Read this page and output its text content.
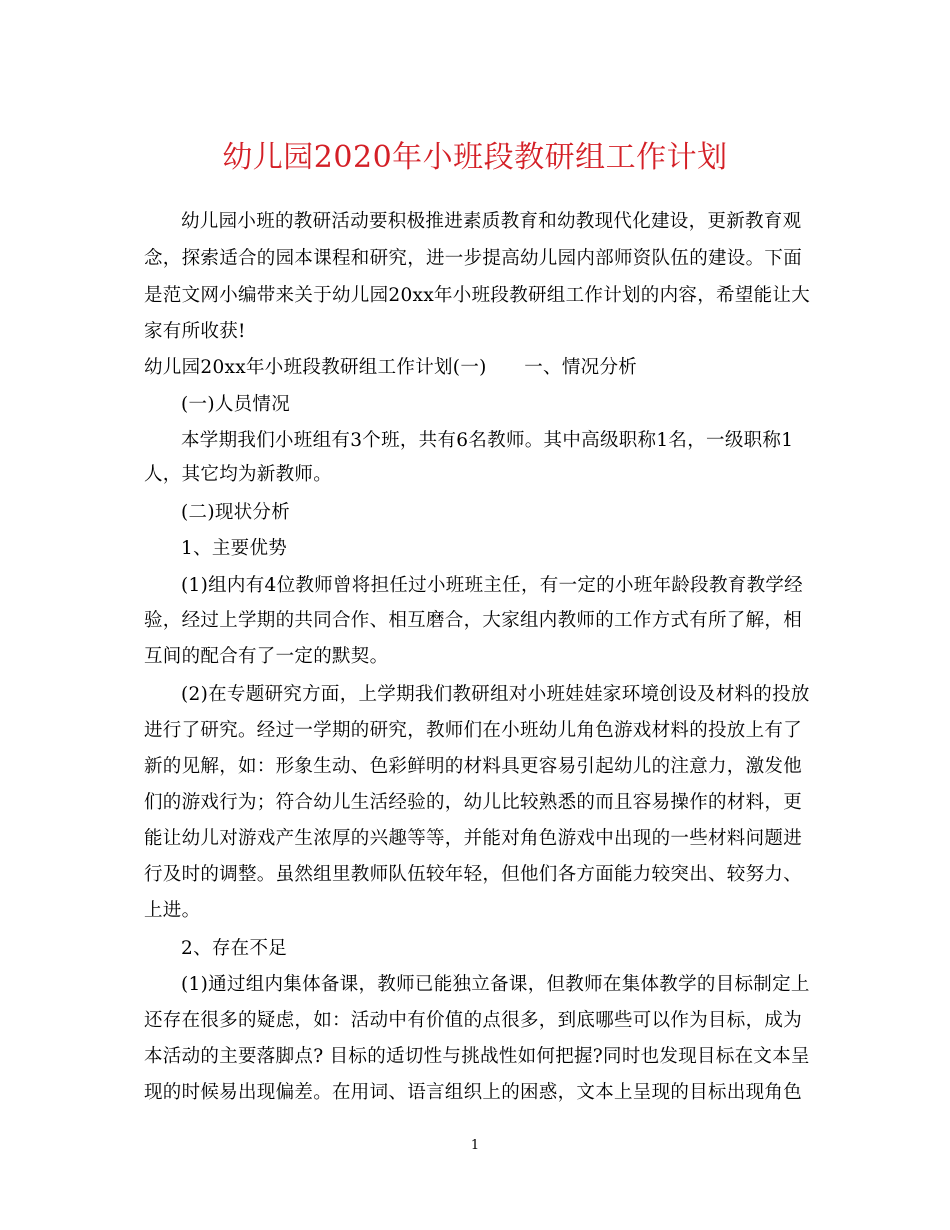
幼儿园2020年小班段教研组工作计划
幼儿园小班的教研活动要积极推进素质教育和幼教现代化建设，更新教育观
念，探索适合的园本课程和研究，进一步提高幼儿园内部师资队伍的建设。下面
是范文网小编带来关于幼儿园20xx年小班段教研组工作计划的内容，希望能让大
家有所收获!
幼儿园20xx年小班段教研组工作计划(一)　　一、情况分析
(一)人员情况
本学期我们小班组有3个班，共有6名教师。其中高级职称1名，一级职称1
人，其它均为新教师。
(二)现状分析
1、主要优势
(1)组内有4位教师曾将担任过小班班主任，有一定的小班年龄段教育教学经
验，经过上学期的共同合作、相互磨合，大家组内教师的工作方式有所了解，相
互间的配合有了一定的默契。
(2)在专题研究方面，上学期我们教研组对小班娃娃家环境创设及材料的投放
进行了研究。经过一学期的研究，教师们在小班幼儿角色游戏材料的投放上有了
新的见解，如：形象生动、色彩鲜明的材料具更容易引起幼儿的注意力，激发他
们的游戏行为；符合幼儿生活经验的，幼儿比较熟悉的而且容易操作的材料，更
能让幼儿对游戏产生浓厚的兴趣等等，并能对角色游戏中出现的一些材料问题进
行及时的调整。虽然组里教师队伍较年轻，但他们各方面能力较突出、较努力、
上进。
2、存在不足
(1)通过组内集体备课，教师已能独立备课，但教师在集体教学的目标制定上
还存在很多的疑虑，如：活动中有价值的点很多，到底哪些可以作为目标，成为
本活动的主要落脚点? 目标的适切性与挑战性如何把握?同时也发现目标在文本呈
现的时候易出现偏差。在用词、语言组织上的困惑，文本上呈现的目标出现角色
1
